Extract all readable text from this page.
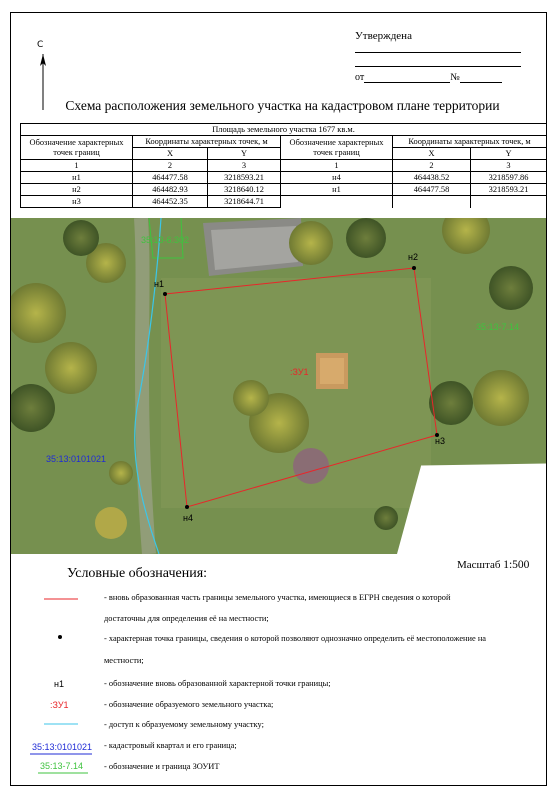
Утверждена
от	№
С
Схема расположения земельного участка на кадастровом плане территории
Площадь земельного участка 1677 кв.м.					
Обозначение характерных точек границ	Координаты характерных точек, м		Обозначение характерных точек границ	Координаты характерных точек, м	
	X	Y		X	Y
1	2	3	1	2	3
н1	464477.58	3218593.21	н4	464438.52	3218597.86
н2	464482.93	3218640.12	н1	464477.58	3218593.21
н3	464452.35	3218644.71			
н1
н2
н3
н4
:ЗУ1
35:13-6.302
35:13-7.14
35:13:0101021
Масштаб 1:500
Условные обозначения:
- вновь образованная часть границы земельного участка, имеющиеся в ЕГРН сведения о которой
достаточны для определения её на местности;
- характерная точка границы, сведения о которой позволяют однозначно определить её местоположение на
местности;
н1	- обозначение вновь образованной характерной точки границы;
:ЗУ1	- обозначение образуемого земельного участка;
- доступ к образуемому земельному участку;
35:13:0101021 - кадастровый квартал и его граница;
35:13-7.14 - обозначение и граница ЗОУИТ
